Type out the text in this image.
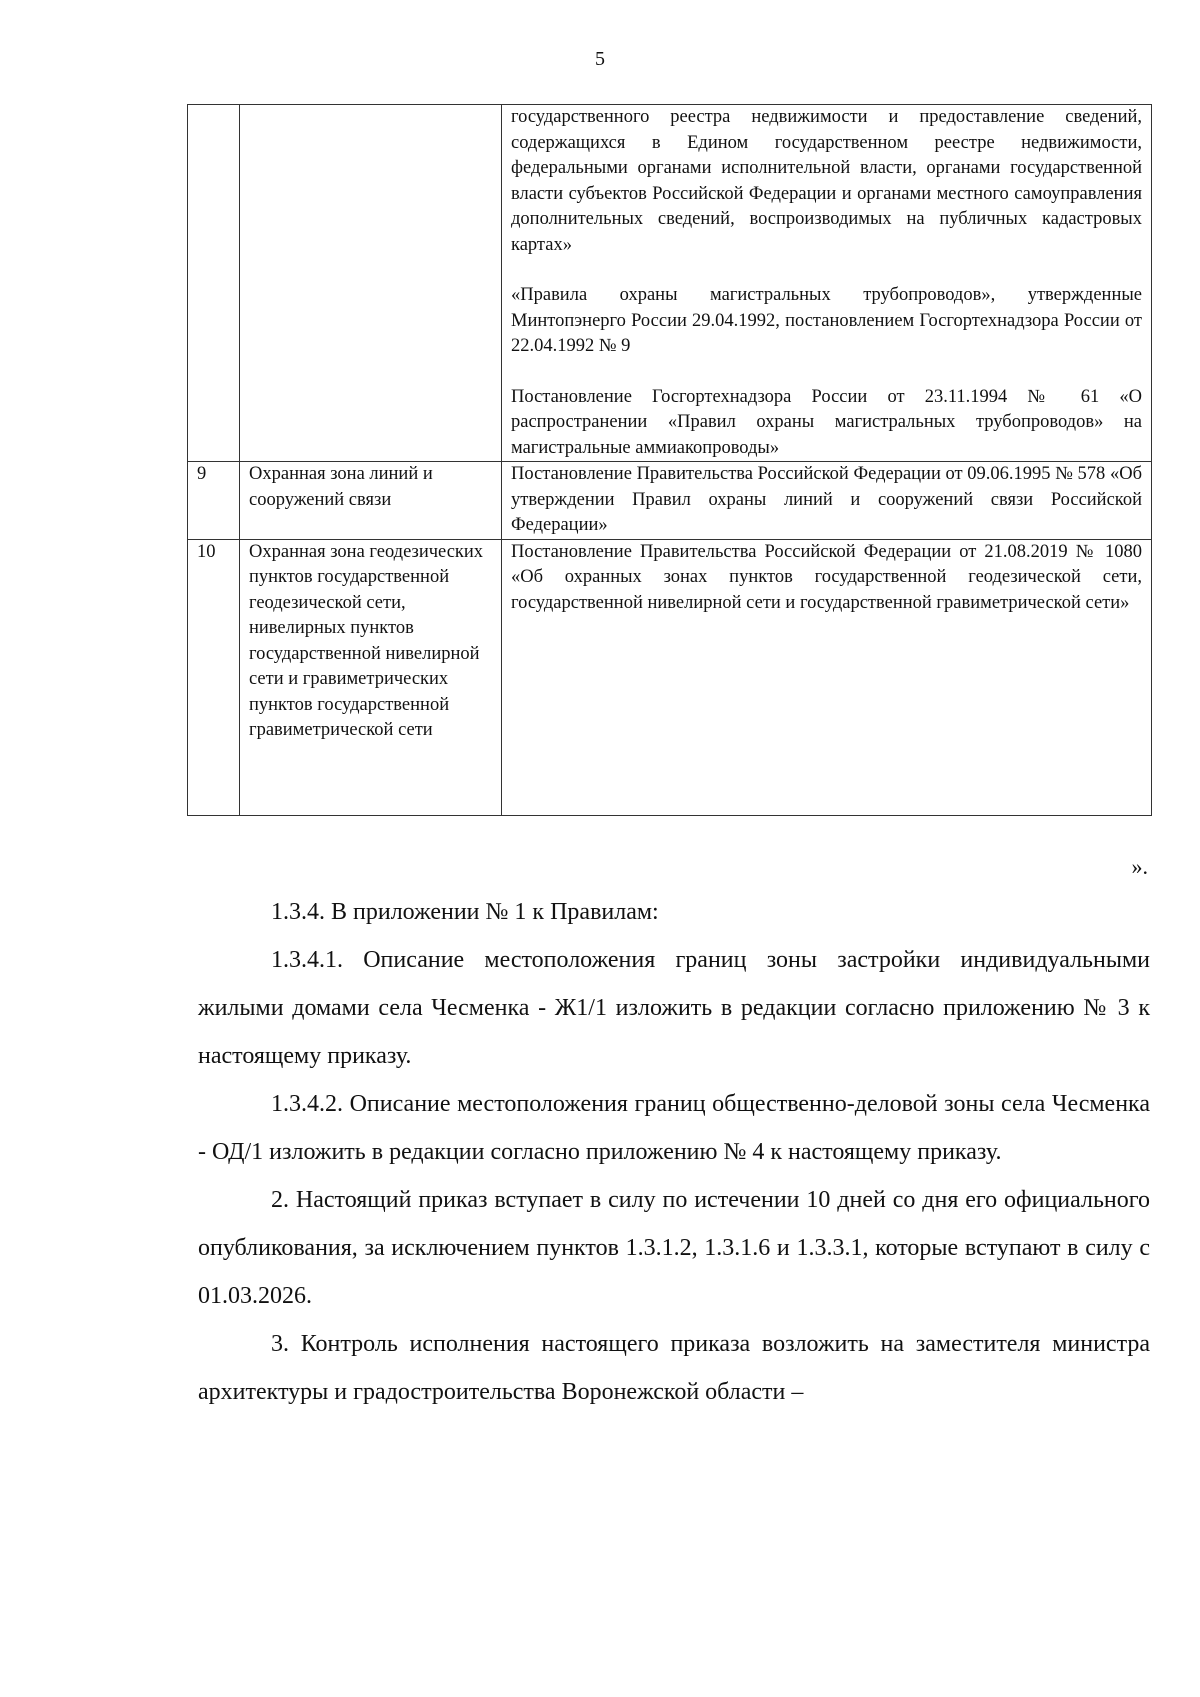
5

		государственного реестра недвижимости и предоставление сведений, содержащихся в Едином государственном реестре недвижимости, федеральными органами исполнительной власти, органами государственной власти субъектов Российской Федерации и органами местного самоуправления дополнительных сведений, воспроизводимых на публичных кадастровых картах»

«Правила охраны магистральных трубопроводов», утвержденные Минтопэнерго России 29.04.1992, постановлением Госгортехнадзора России от 22.04.1992 № 9

Постановление Госгортехнадзора России от 23.11.1994 № 61 «О распространении «Правил охраны магистральных трубопроводов» на магистральные аммиакопроводы»

9	Охранная зона линий и сооружений связи	Постановление Правительства Российской Федерации от 09.06.1995 № 578 «Об утверждении Правил охраны линий и сооружений связи Российской Федерации»

10	Охранная зона геодезических пунктов государственной геодезической сети, нивелирных пунктов государственной нивелирной сети и гравиметрических пунктов государственной гравиметрической сети	Постановление Правительства Российской Федерации от 21.08.2019 № 1080 «Об охранных зонах пунктов государственной геодезической сети, государственной нивелирной сети и государственной гравиметрической сети»

».

1.3.4. В приложении № 1 к Правилам:

1.3.4.1. Описание местоположения границ зоны застройки индивидуальными жилыми домами села Чесменка - Ж1/1 изложить в редакции согласно приложению № 3 к настоящему приказу.

1.3.4.2. Описание местоположения границ общественно-деловой зоны села Чесменка - ОД/1 изложить в редакции согласно приложению № 4 к настоящему приказу.

2. Настоящий приказ вступает в силу по истечении 10 дней со дня его официального опубликования, за исключением пунктов 1.3.1.2, 1.3.1.6 и 1.3.3.1, которые вступают в силу с 01.03.2026.

3. Контроль исполнения настоящего приказа возложить на заместителя министра архитектуры и градостроительства Воронежской области –
